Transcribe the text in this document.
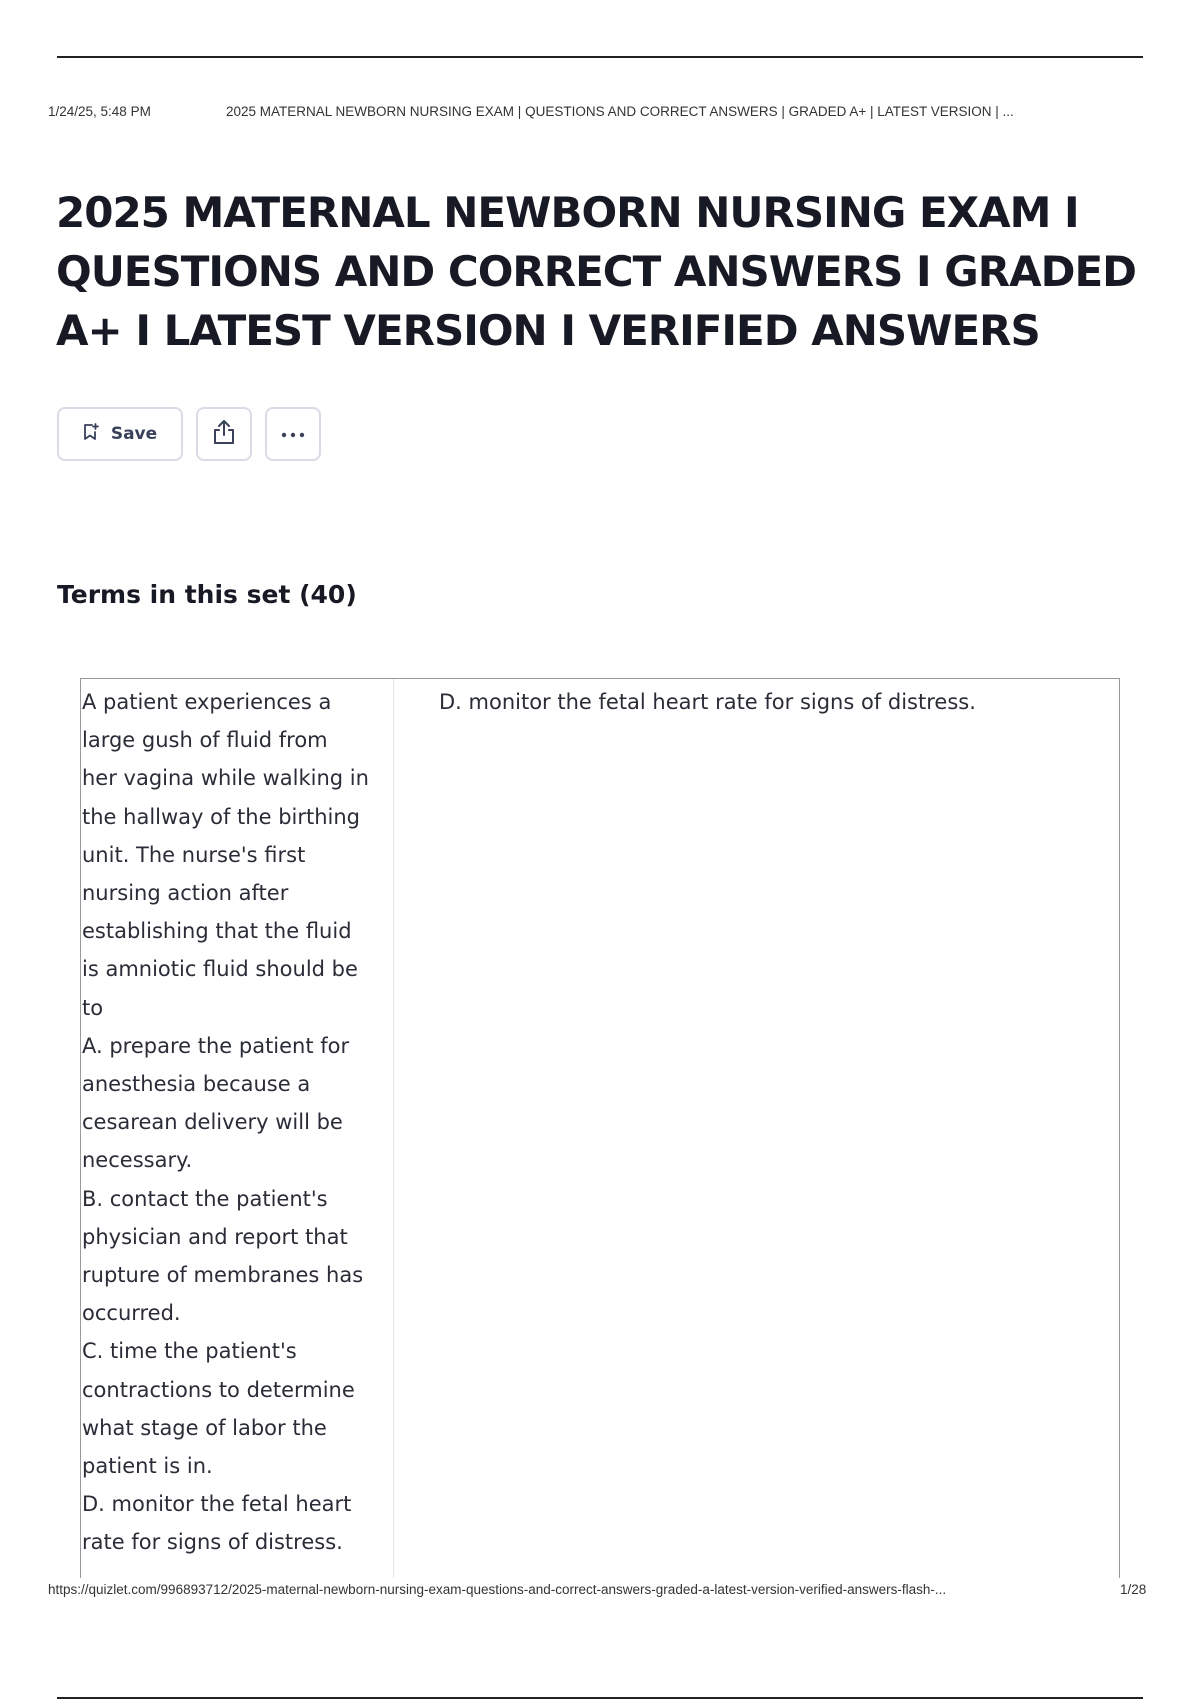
1/24/25, 5:48 PM	2025 MATERNAL NEWBORN NURSING EXAM | QUESTIONS AND CORRECT ANSWERS | GRADED A+ | LATEST VERSION | ...
2025 MATERNAL NEWBORN NURSING EXAM I QUESTIONS AND CORRECT ANSWERS I GRADED A+ I LATEST VERSION I VERIFIED ANSWERS
Save
Terms in this set (40)
A patient experiences a
large gush of fluid from
her vagina while walking in
the hallway of the birthing
unit. The nurse's first
nursing action after
establishing that the fluid
is amniotic fluid should be
to
A. prepare the patient for
anesthesia because a
cesarean delivery will be
necessary.
B. contact the patient's
physician and report that
rupture of membranes has
occurred.
C. time the patient's
contractions to determine
what stage of labor the
patient is in.
D. monitor the fetal heart
rate for signs of distress.
D. monitor the fetal heart rate for signs of distress.
https://quizlet.com/996893712/2025-maternal-newborn-nursing-exam-questions-and-correct-answers-graded-a-latest-version-verified-answers-flash-...	1/28
